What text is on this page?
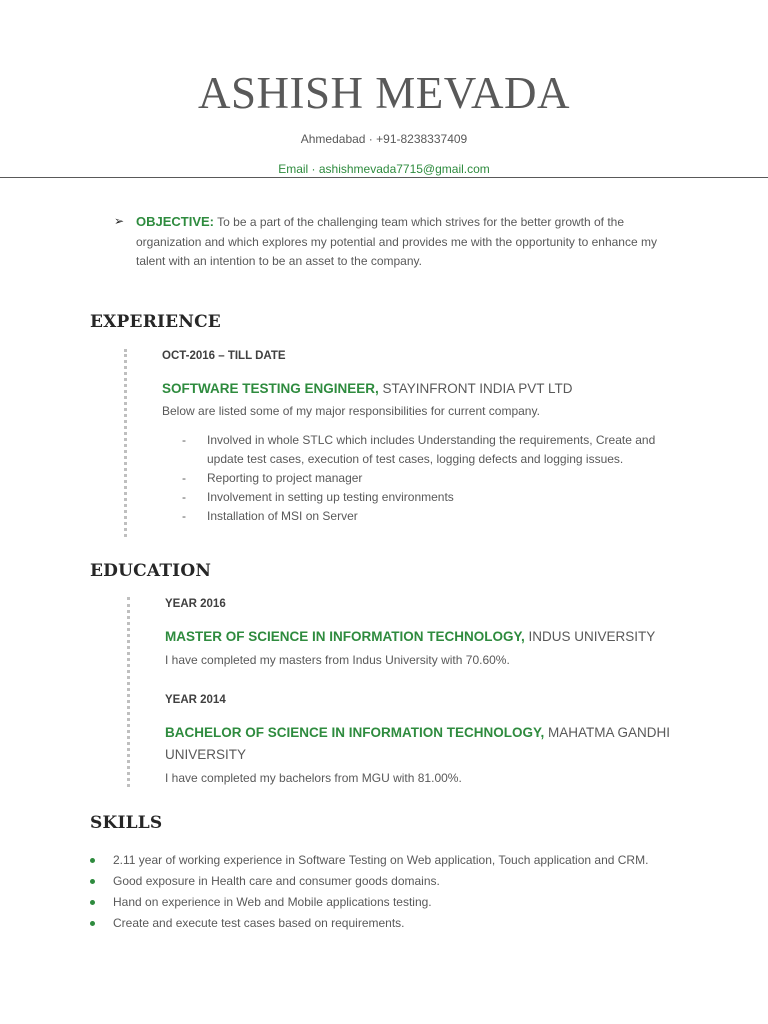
ASHISH MEVADA
Ahmedabad · +91-8238337409
Email · ashishmevada7715@gmail.com
➢ OBJECTIVE: To be a part of the challenging team which strives for the better growth of the organization and which explores my potential and provides me with the opportunity to enhance my talent with an intention to be an asset to the company.
EXPERIENCE
OCT-2016 – TILL DATE
SOFTWARE TESTING ENGINEER, STAYINFRONT INDIA PVT LTD
Below are listed some of my major responsibilities for current company.
- Involved in whole STLC which includes Understanding the requirements, Create and update test cases, execution of test cases, logging defects and logging issues.
- Reporting to project manager
- Involvement in setting up testing environments
- Installation of MSI on Server
EDUCATION
YEAR 2016
MASTER OF SCIENCE IN INFORMATION TECHNOLOGY, INDUS UNIVERSITY
I have completed my masters from Indus University with 70.60%.
YEAR 2014
BACHELOR OF SCIENCE IN INFORMATION TECHNOLOGY, MAHATMA GANDHI UNIVERSITY
I have completed my bachelors from MGU with 81.00%.
SKILLS
2.11 year of working experience in Software Testing on Web application, Touch application and CRM.
Good exposure in Health care and consumer goods domains.
Hand on experience in Web and Mobile applications testing.
Create and execute test cases based on requirements.
